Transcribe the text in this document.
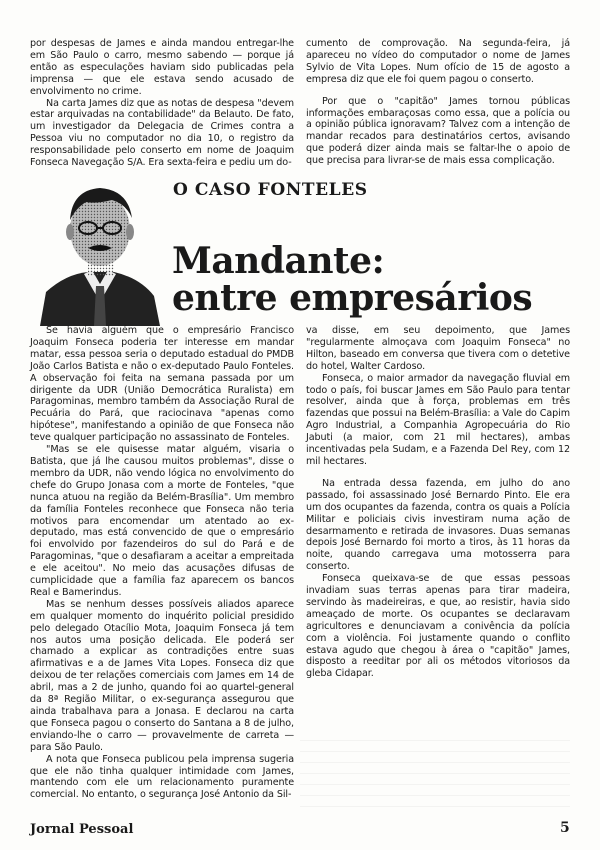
por despesas de James e ainda mandou entregar-lhe em São Paulo o carro, mesmo sabendo — porque já então as especulações haviam sido publicadas pela imprensa — que ele estava sendo acusado de envolvimento no crime.

Na carta James diz que as notas de despesa "devem estar arquivadas na contabilidade" da Belauto. De fato, um investigador da Delegacia de Crimes contra a Pessoa viu no computador no dia 10, o registro da responsabilidade pelo conserto em nome de Joaquim Fonseca Navegação S/A. Era sexta-feira e pediu um do-

cumento de comprovação. Na segunda-feira, já apareceu no vídeo do computador o nome de James Sylvio de Vita Lopes. Num ofício de 15 de agosto a empresa diz que ele foi quem pagou o conserto.

Por que o "capitão" James tornou públicas informações embaraçosas como essa, que a polícia ou a opinião pública ignoravam? Talvez com a intenção de mandar recados para destinatários certos, avisando que poderá dizer ainda mais se faltar-lhe o apoio de que precisa para livrar-se de mais essa complicação.

O CASO FONTELES
Mandante:
entre empresários

Se havia alguém que o empresário Francisco Joaquim Fonseca poderia ter interesse em mandar matar, essa pessoa seria o deputado estadual do PMDB João Carlos Batista e não o ex-deputado Paulo Fonteles. A observação foi feita na semana passada por um dirigente da UDR (União Democrática Ruralista) em Paragominas, membro também da Associação Rural de Pecuária do Pará, que raciocinava "apenas como hipótese", manifestando a opinião de que Fonseca não teve qualquer participação no assassinato de Fonteles.

"Mas se ele quisesse matar alguém, visaria o Batista, que já lhe causou muitos problemas", disse o membro da UDR, não vendo lógica no envolvimento do chefe do Grupo Jonasa com a morte de Fonteles, "que nunca atuou na região da Belém-Brasília". Um membro da família Fonteles reconhece que Fonseca não teria motivos para encomendar um atentado ao ex-deputado, mas está convencido de que o empresário foi envolvido por fazendeiros do sul do Pará e de Paragominas, "que o desafiaram a aceitar a empreitada e ele aceitou". No meio das acusações difusas de cumplicidade que a família faz aparecem os bancos Real e Bamerindus.

Mas se nenhum desses possíveis aliados aparece em qualquer momento do inquérito policial presidido pelo delegado Otacílio Mota, Joaquim Fonseca já tem nos autos uma posição delicada. Ele poderá ser chamado a explicar as contradições entre suas afirmativas e a de James Vita Lopes. Fonseca diz que deixou de ter relações comerciais com James em 14 de abril, mas a 2 de junho, quando foi ao quartel-general da 8ª Região Militar, o ex-segurança assegurou que ainda trabalhava para a Jonasa. E declarou na carta que Fonseca pagou o conserto do Santana a 8 de julho, enviando-lhe o carro — provavelmente de carreta — para São Paulo.

A nota que Fonseca publicou pela imprensa sugeria que ele não tinha qualquer intimidade com James, mantendo com ele um relacionamento puramente comercial. No entanto, o segurança José Antonio da Sil-

va disse, em seu depoimento, que James "regularmente almoçava com Joaquim Fonseca" no Hilton, baseado em conversa que tivera com o detetive do hotel, Walter Cardoso.

Fonseca, o maior armador da navegação fluvial em todo o país, foi buscar James em São Paulo para tentar resolver, ainda que à força, problemas em três fazendas que possui na Belém-Brasília: a Vale do Capim Agro Industrial, a Companhia Agropecuária do Rio Jabuti (a maior, com 21 mil hectares), ambas incentivadas pela Sudam, e a Fazenda Del Rey, com 12 mil hectares.

Na entrada dessa fazenda, em julho do ano passado, foi assassinado José Bernardo Pinto. Ele era um dos ocupantes da fazenda, contra os quais a Polícia Militar e policiais civis investiram numa ação de desarmamento e retirada de invasores. Duas semanas depois José Bernardo foi morto a tiros, às 11 horas da noite, quando carregava uma motosserra para conserto.

Fonseca queixava-se de que essas pessoas invadiam suas terras apenas para tirar madeira, servindo às madeireiras, e que, ao resistir, havia sido ameaçado de morte. Os ocupantes se declaravam agricultores e denunciavam a conivência da polícia com a violência. Foi justamente quando o conflito estava agudo que chegou à área o "capitão" James, disposto a reeditar por ali os métodos vitoriosos da gleba Cidapar.

Jornal Pessoal	5
